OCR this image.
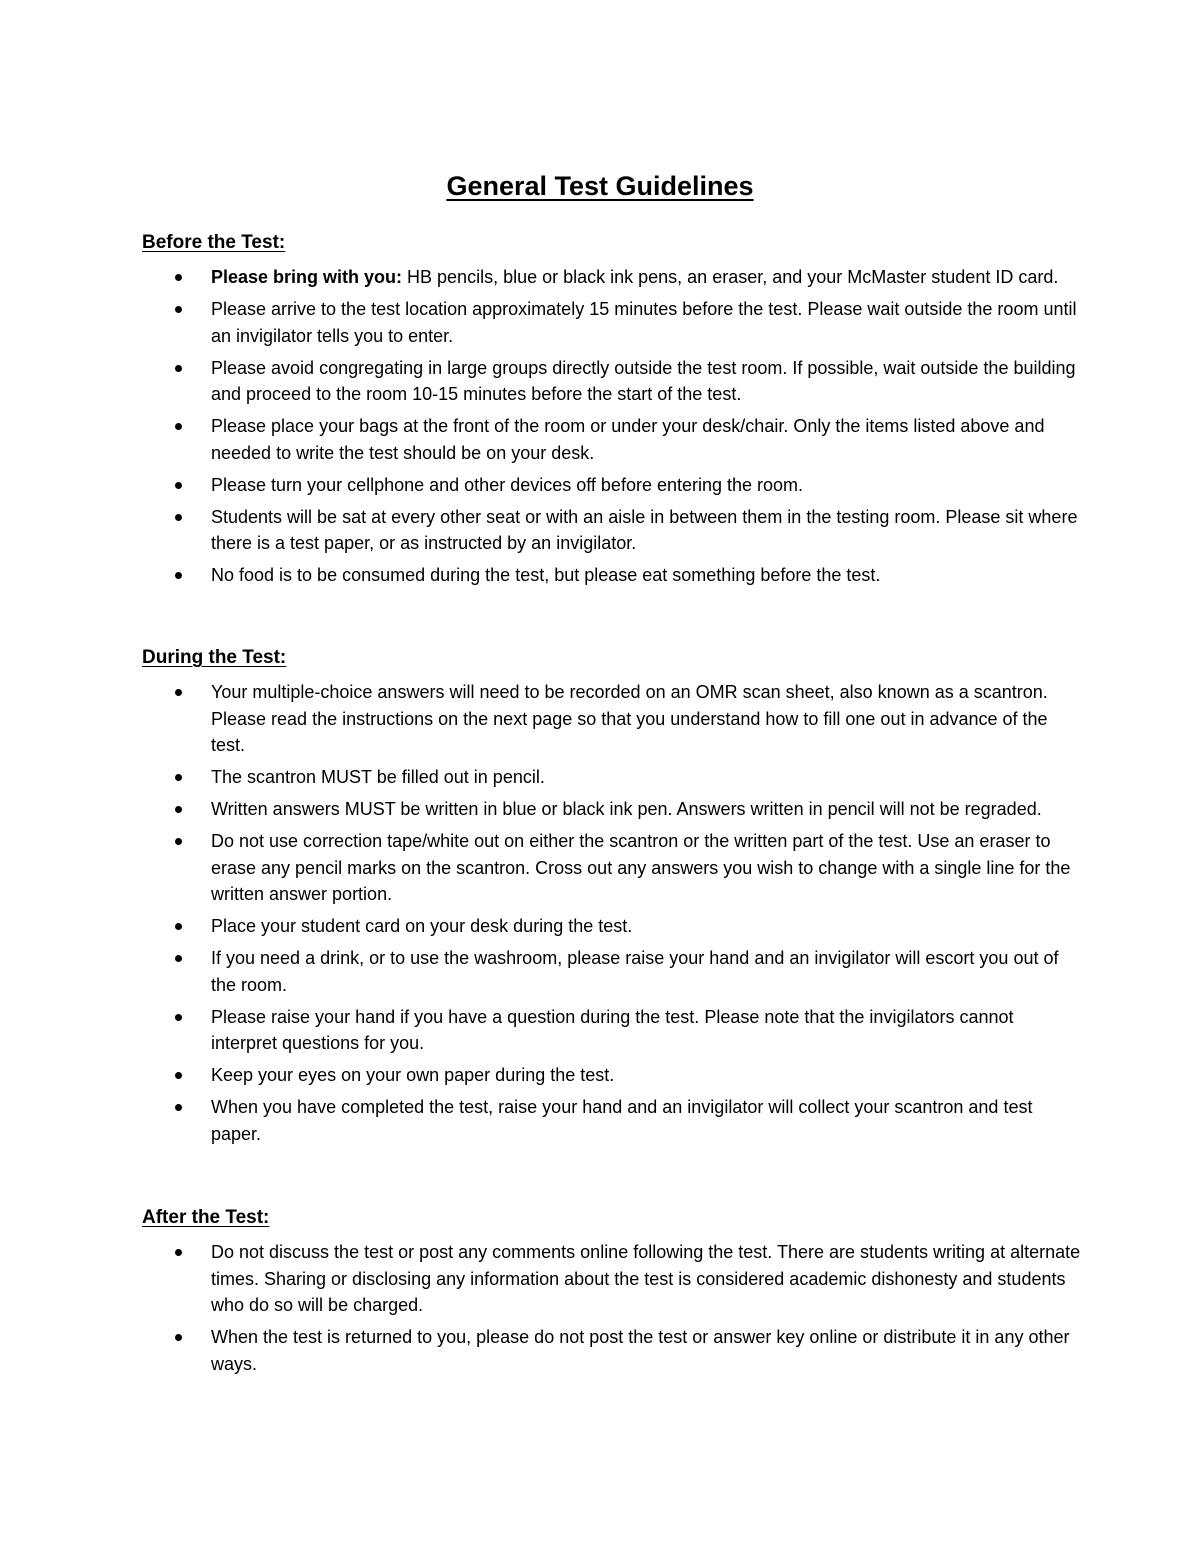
General Test Guidelines
Before the Test:
Please bring with you: HB pencils, blue or black ink pens, an eraser, and your McMaster student ID card.
Please arrive to the test location approximately 15 minutes before the test. Please wait outside the room until an invigilator tells you to enter.
Please avoid congregating in large groups directly outside the test room. If possible, wait outside the building and proceed to the room 10-15 minutes before the start of the test.
Please place your bags at the front of the room or under your desk/chair. Only the items listed above and needed to write the test should be on your desk.
Please turn your cellphone and other devices off before entering the room.
Students will be sat at every other seat or with an aisle in between them in the testing room. Please sit where there is a test paper, or as instructed by an invigilator.
No food is to be consumed during the test, but please eat something before the test.
During the Test:
Your multiple-choice answers will need to be recorded on an OMR scan sheet, also known as a scantron. Please read the instructions on the next page so that you understand how to fill one out in advance of the test.
The scantron MUST be filled out in pencil.
Written answers MUST be written in blue or black ink pen. Answers written in pencil will not be regraded.
Do not use correction tape/white out on either the scantron or the written part of the test. Use an eraser to erase any pencil marks on the scantron. Cross out any answers you wish to change with a single line for the written answer portion.
Place your student card on your desk during the test.
If you need a drink, or to use the washroom, please raise your hand and an invigilator will escort you out of the room.
Please raise your hand if you have a question during the test. Please note that the invigilators cannot interpret questions for you.
Keep your eyes on your own paper during the test.
When you have completed the test, raise your hand and an invigilator will collect your scantron and test paper.
After the Test:
Do not discuss the test or post any comments online following the test. There are students writing at alternate times. Sharing or disclosing any information about the test is considered academic dishonesty and students who do so will be charged.
When the test is returned to you, please do not post the test or answer key online or distribute it in any other ways.
